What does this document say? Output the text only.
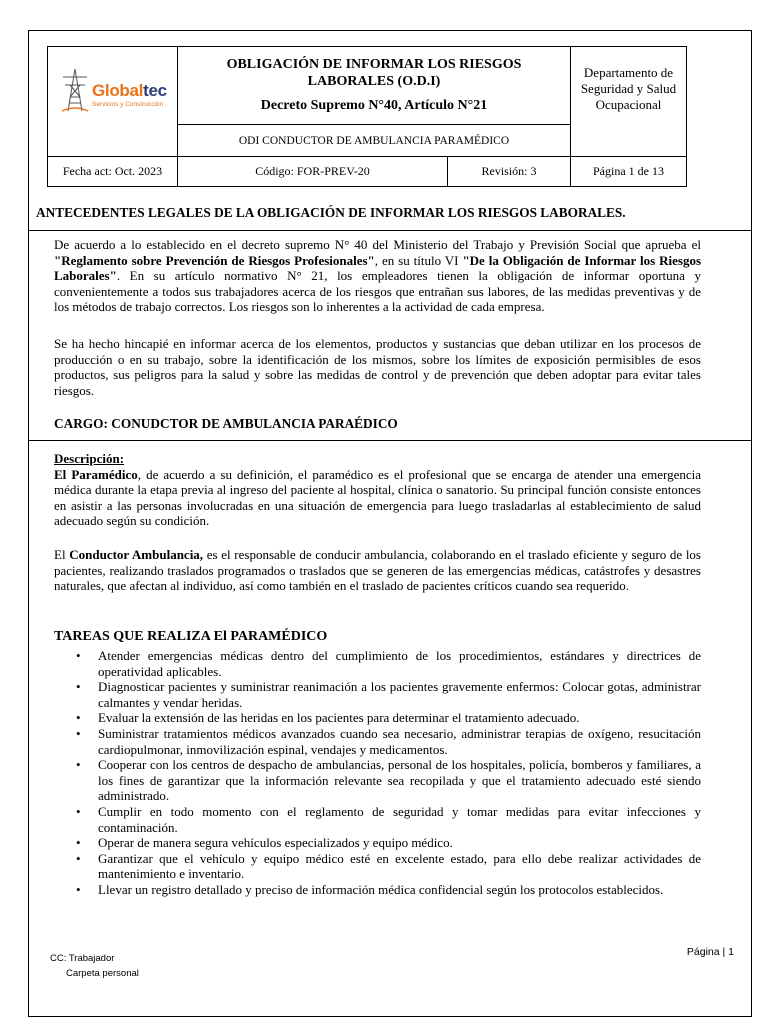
Globaltec
Servicios y Construcción
OBLIGACIÓN DE INFORMAR LOS RIESGOS LABORALES (O.D.I)
Decreto Supremo N°40, Artículo N°21
ODI CONDUCTOR DE AMBULANCIA PARAMÉDICO
Departamento de Seguridad y Salud Ocupacional
Fecha act: Oct. 2023	Código: FOR-PREV-20	Revisión: 3	Página 1 de 13
ANTECEDENTES LEGALES DE LA OBLIGACIÓN DE INFORMAR LOS RIESGOS LABORALES.

De acuerdo a lo establecido en el decreto supremo N° 40 del Ministerio del Trabajo y Previsión Social que aprueba el "Reglamento sobre Prevención de Riesgos Profesionales", en su título VI "De la Obligación de Informar los Riesgos Laborales". En su artículo normativo N° 21, los empleadores tienen la obligación de informar oportuna y convenientemente a todos sus trabajadores acerca de los riesgos que entrañan sus labores, de las medidas preventivas y de los métodos de trabajo correctos. Los riesgos son lo inherentes a la actividad de cada empresa.

Se ha hecho hincapié en informar acerca de los elementos, productos y sustancias que deban utilizar en los procesos de producción o en su trabajo, sobre la identificación de los mismos, sobre los límites de exposición permisibles de esos productos, sus peligros para la salud y sobre las medidas de control y de prevención que deben adoptar para evitar tales riesgos.

CARGO: CONUDCTOR DE AMBULANCIA PARAÉDICO

Descripción:
El Paramédico, de acuerdo a su definición, el paramédico es el profesional que se encarga de atender una emergencia médica durante la etapa previa al ingreso del paciente al hospital, clínica o sanatorio. Su principal función consiste entonces en asistir a las personas involucradas en una situación de emergencia para luego trasladarlas al establecimiento de salud adecuado según su condición.

El Conductor Ambulancia, es el responsable de conducir ambulancia, colaborando en el traslado eficiente y seguro de los pacientes, realizando traslados programados o traslados que se generen de las emergencias médicas, catástrofes y desastres naturales, que afectan al individuo, así como también en el traslado de pacientes críticos cuando sea requerido.

TAREAS QUE REALIZA El PARAMÉDICO
• Atender emergencias médicas dentro del cumplimiento de los procedimientos, estándares y directrices de operatividad aplicables.
• Diagnosticar pacientes y suministrar reanimación a los pacientes gravemente enfermos: Colocar gotas, administrar calmantes y vendar heridas.
• Evaluar la extensión de las heridas en los pacientes para determinar el tratamiento adecuado.
• Suministrar tratamientos médicos avanzados cuando sea necesario, administrar terapias de oxígeno, resucitación cardiopulmonar, inmovilización espinal, vendajes y medicamentos.
• Cooperar con los centros de despacho de ambulancias, personal de los hospitales, policía, bomberos y familiares, a los fines de garantizar que la información relevante sea recopilada y que el tratamiento adecuado esté siendo administrado.
• Cumplir en todo momento con el reglamento de seguridad y tomar medidas para evitar infecciones y contaminación.
• Operar de manera segura vehículos especializados y equipo médico.
• Garantizar que el vehículo y equipo médico esté en excelente estado, para ello debe realizar actividades de mantenimiento e inventario.
• Llevar un registro detallado y preciso de información médica confidencial según los protocolos establecidos.
CC: Trabajador
Carpeta personal
Página | 1
